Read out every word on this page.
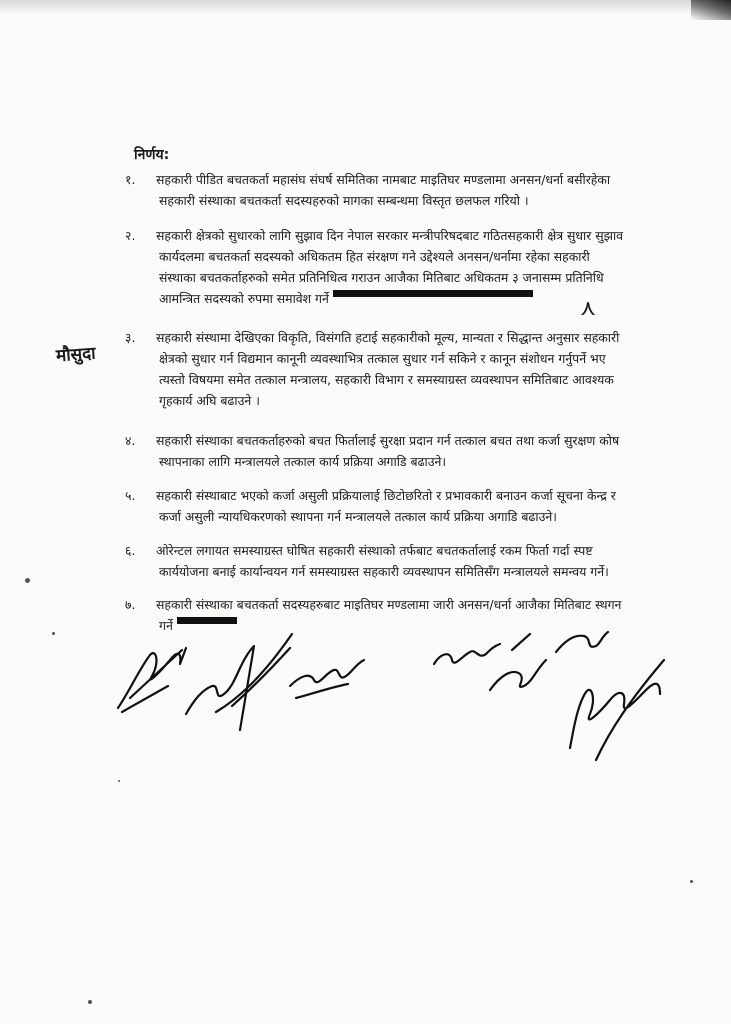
निर्णय:
मौसुदा

१. सहकारी पीडित बचतकर्ता महासंघ संघर्ष समितिका नामबाट माइतिघर मण्डलामा अनसन/धर्ना बसीरहेका

सहकारी संस्थाका बचतकर्ता सदस्यहरुको मागका सम्बन्धमा विस्तृत छलफल गरियो ।

२. सहकारी क्षेत्रको सुधारको लागि सुझाव दिन नेपाल सरकार मन्त्रीपरिषदबाट गठितसहकारी क्षेत्र सुधार सुझाव

कार्यदलमा बचतकर्ता सदस्यको अधिकतम हित संरक्षण गने उद्देश्यले अनसन/धर्नामा रहेका सहकारी

संस्थाका बचतकर्ताहरुको समेत प्रतिनिधित्व गराउन आजैका मितिबाट अधिकतम ३ जनासम्म प्रतिनिधि

आमन्त्रित सदस्यको रुपमा समावेश गर्ने	⋏

३. सहकारी संस्थामा देखिएका विकृति, विसंगति हटाई सहकारीको मूल्य, मान्यता र सिद्धान्त अनुसार सहकारी

क्षेत्रको सुधार गर्न विद्यमान कानूनी व्यवस्थाभित्र तत्काल सुधार गर्न सकिने र कानून संशोधन गर्नुपर्ने भए

त्यस्तो विषयमा समेत तत्काल मन्त्रालय, सहकारी विभाग र समस्याग्रस्त व्यवस्थापन समितिबाट आवश्यक

गृहकार्य अघि बढाउने ।

४. सहकारी संस्थाका बचतकर्ताहरुको बचत फिर्तालाई सुरक्षा प्रदान गर्न तत्काल बचत तथा कर्जा सुरक्षण कोष

स्थापनाका लागि मन्त्रालयले तत्काल कार्य प्रक्रिया अगाडि बढाउने।

५. सहकारी संस्थाबाट भएको कर्जा असुली प्रक्रियालाई छिटोछरितो र प्रभावकारी बनाउन कर्जा सूचना केन्द्र र

कर्जा असुली न्यायधिकरणको स्थापना गर्न मन्त्रालयले तत्काल कार्य प्रक्रिया अगाडि बढाउने।

६. ओरेन्टल लगायत समस्याग्रस्त घोषित सहकारी संस्थाको तर्फबाट बचतकर्तालाई रकम फिर्ता गर्दा स्पष्ट

कार्ययोजना बनाई कार्यान्वयन गर्न समस्याग्रस्त सहकारी व्यवस्थापन समितिसँग मन्त्रालयले समन्वय गर्ने।

७. सहकारी संस्थाका बचतकर्ता सदस्यहरुबाट माइतिघर मण्डलामा जारी अनसन/धर्ना आजैका मितिबाट स्थगन

गर्ने
